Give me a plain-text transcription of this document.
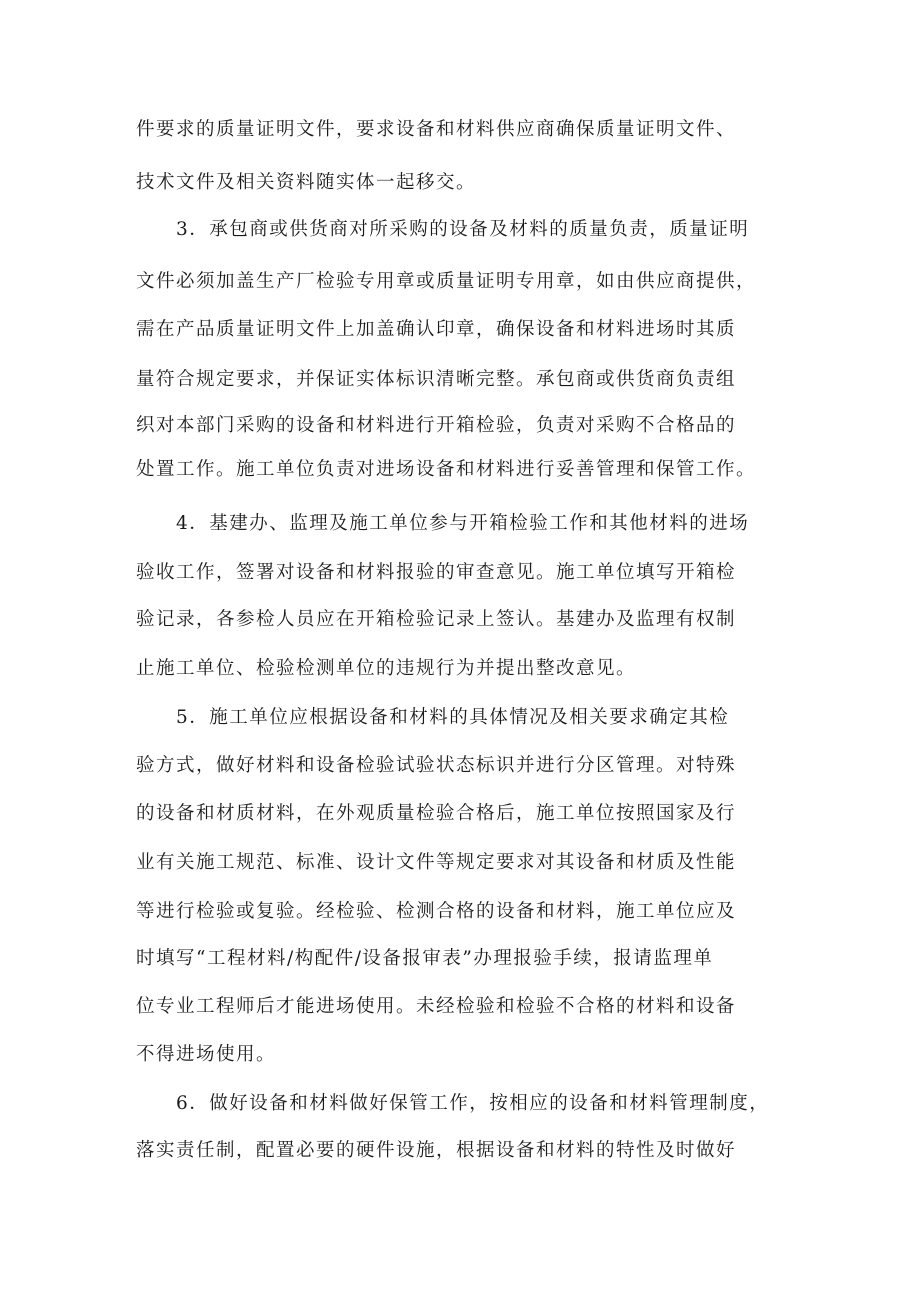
件要求的质量证明文件，要求设备和材料供应商确保质量证明文件、
技术文件及相关资料随实体一起移交。
3．承包商或供货商对所采购的设备及材料的质量负责，质量证明
文件必须加盖生产厂检验专用章或质量证明专用章，如由供应商提供，
需在产品质量证明文件上加盖确认印章，确保设备和材料进场时其质
量符合规定要求，并保证实体标识清晰完整。承包商或供货商负责组
织对本部门采购的设备和材料进行开箱检验，负责对采购不合格品的
处置工作。施工单位负责对进场设备和材料进行妥善管理和保管工作。
4．基建办、监理及施工单位参与开箱检验工作和其他材料的进场
验收工作，签署对设备和材料报验的审查意见。施工单位填写开箱检
验记录，各参检人员应在开箱检验记录上签认。基建办及监理有权制
止施工单位、检验检测单位的违规行为并提出整改意见。
5．施工单位应根据设备和材料的具体情况及相关要求确定其检
验方式，做好材料和设备检验试验状态标识并进行分区管理。对特殊
的设备和材质材料，在外观质量检验合格后，施工单位按照国家及行
业有关施工规范、标准、设计文件等规定要求对其设备和材质及性能
等进行检验或复验。经检验、检测合格的设备和材料，施工单位应及
时填写“工程材料/构配件/设备报审表”办理报验手续，报请监理单
位专业工程师后才能进场使用。未经检验和检验不合格的材料和设备
不得进场使用。
6．做好设备和材料做好保管工作，按相应的设备和材料管理制度，
落实责任制，配置必要的硬件设施，根据设备和材料的特性及时做好
